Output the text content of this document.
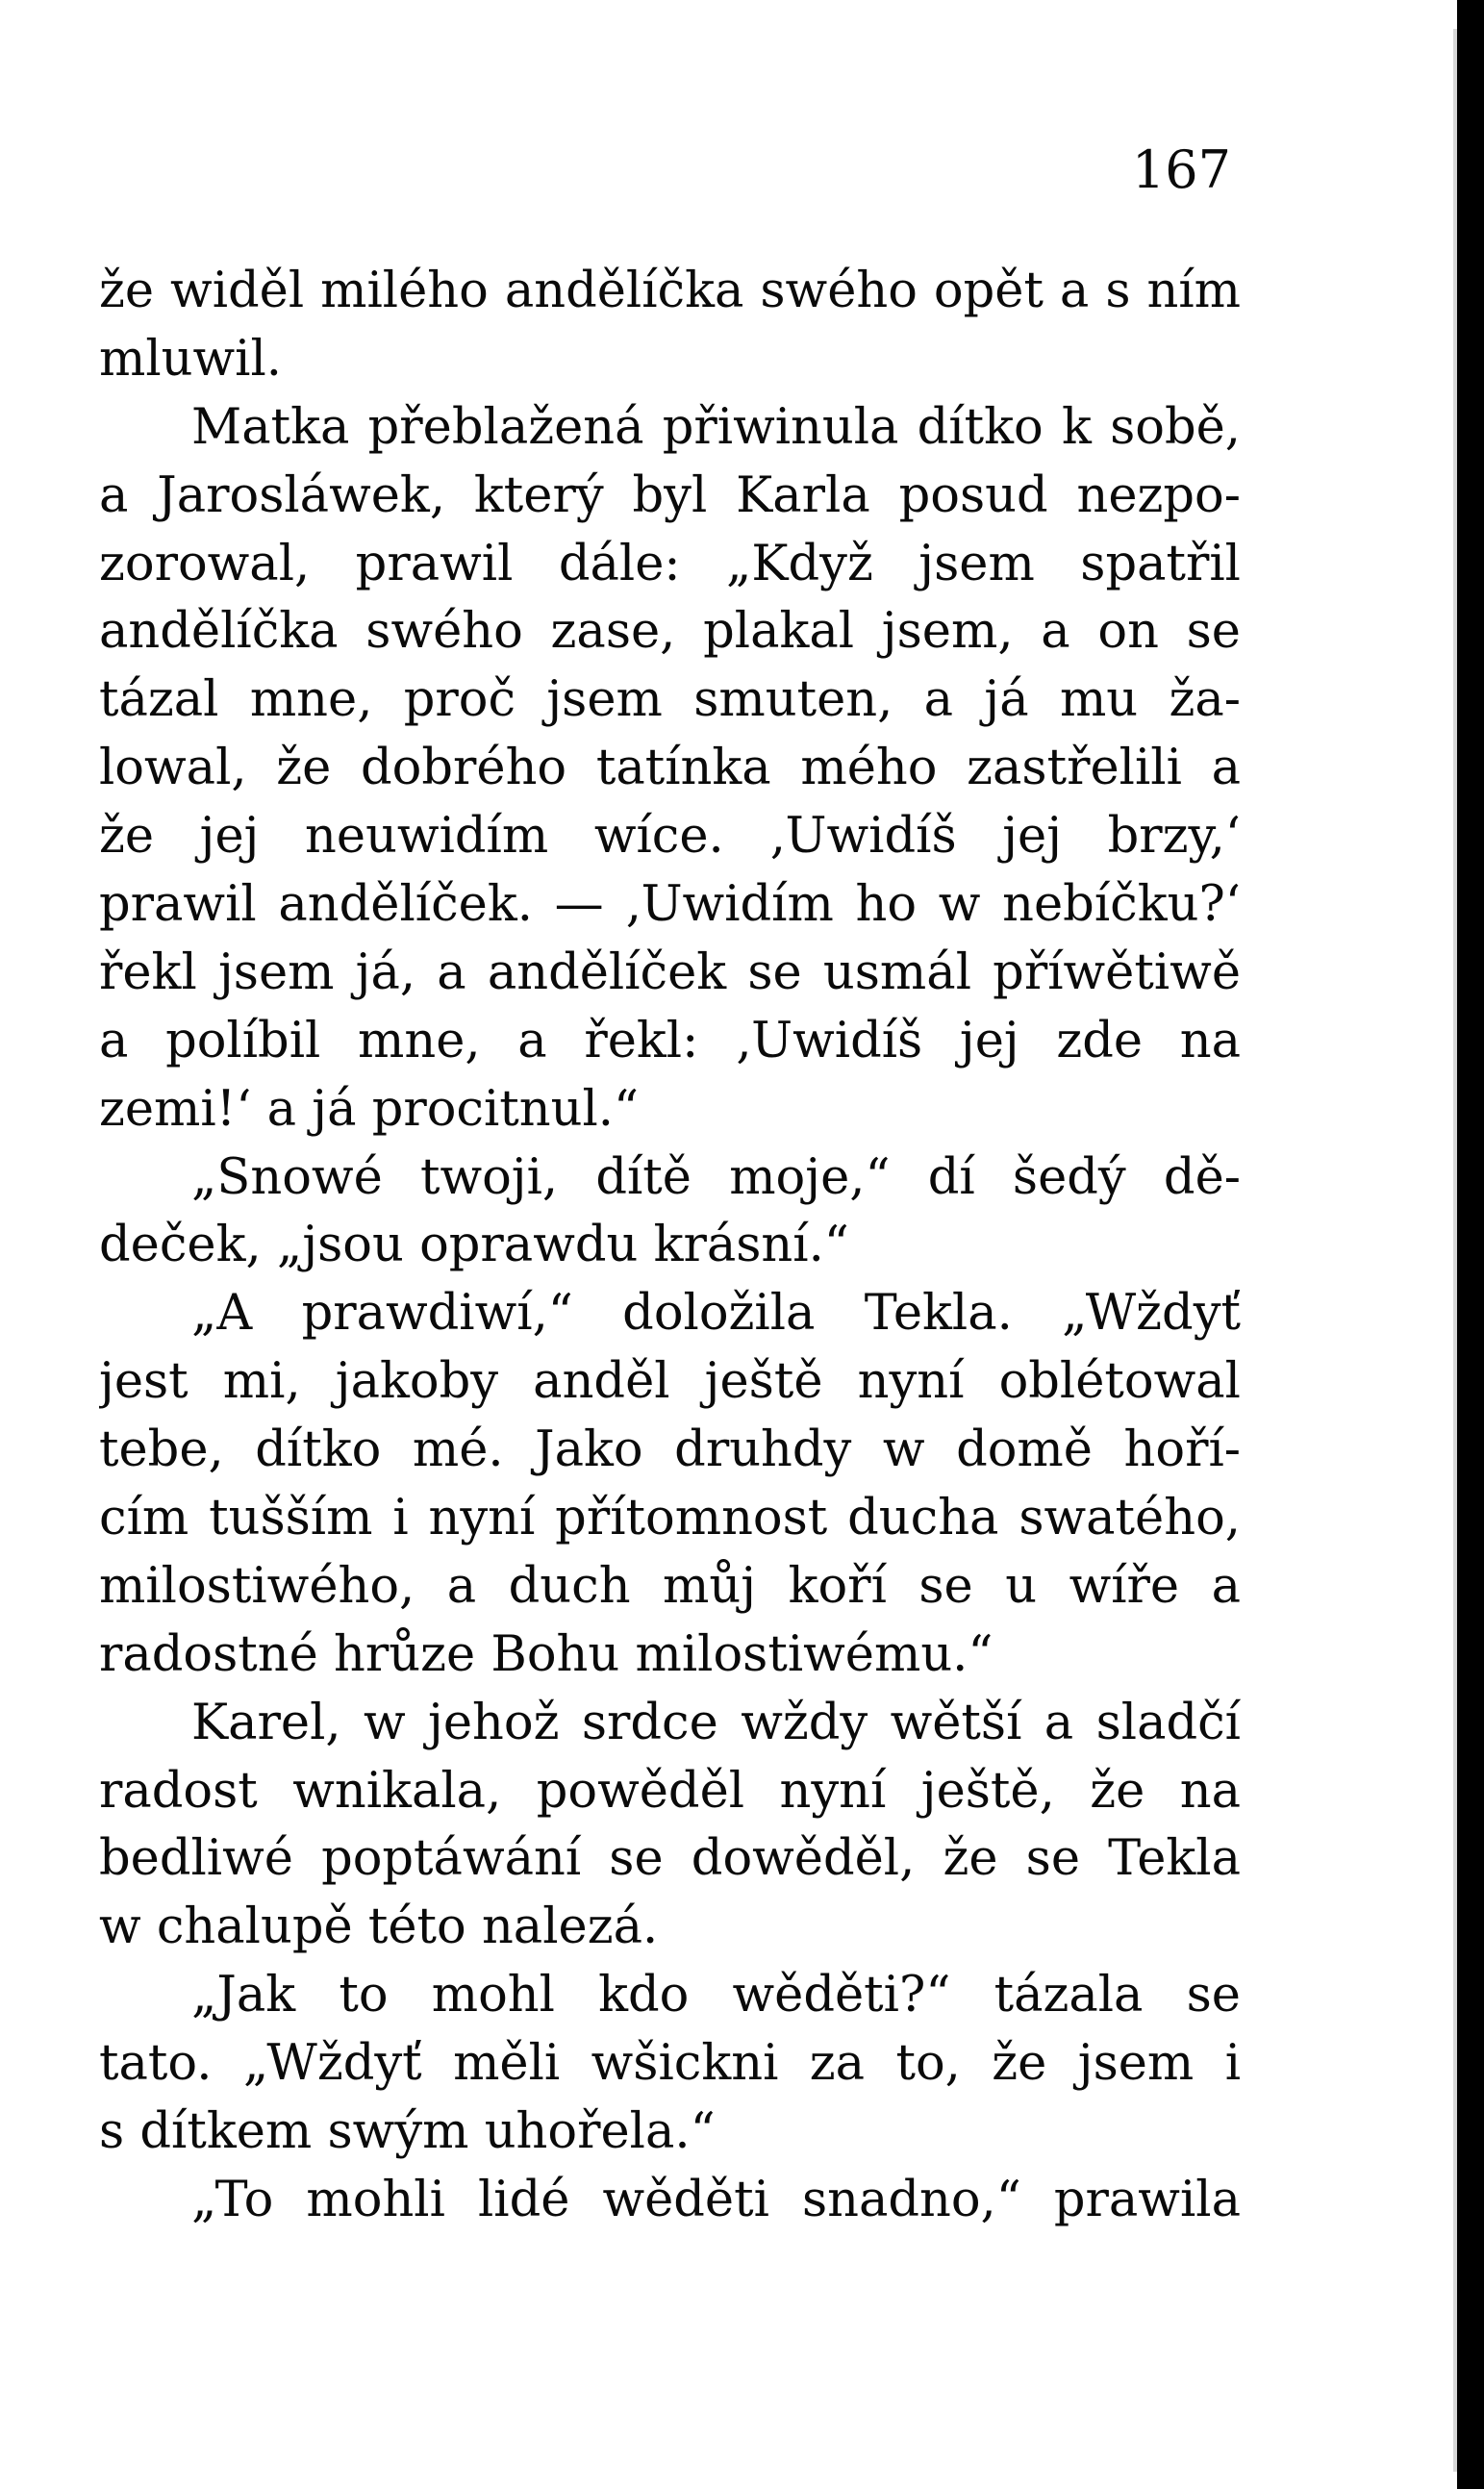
167
že widěl milého andělíčka swého opět a s ním
mluwil.
Matka přeblažená přiwinula dítko k sobě,
a Jarosláwek, který byl Karla posud nezpo-
zorowal, prawil dále: „Když jsem spatřil
andělíčka swého zase, plakal jsem, a on se
tázal mne, proč jsem smuten, a já mu ža-
lowal, že dobrého tatínka mého zastřelili a
že jej neuwidím wíce. ‚Uwidíš jej brzy,‘
prawil andělíček. — ‚Uwidím ho w nebíčku?‘
řekl jsem já, a andělíček se usmál příwětiwě
a políbil mne, a řekl: ‚Uwidíš jej zde na
zemi!‘ a já procitnul.“
„Snowé twoji, dítě moje,“ dí šedý dě-
deček, „jsou oprawdu krásní.“
„A prawdiwí,“ doložila Tekla. „Wždyť
jest mi, jakoby anděl ještě nyní oblétowal
tebe, dítko mé. Jako druhdy w domě hoří-
cím tušším i nyní přítomnost ducha swatého,
milostiwého, a duch můj koří se u wíře a
radostné hrůze Bohu milostiwému.“
Karel, w jehož srdce wždy wětší a sladčí
radost wnikala, powěděl nyní ještě, že na
bedliwé poptáwání se dowěděl, že se Tekla
w chalupě této nalezá.
„Jak to mohl kdo wěděti?“ tázala se
tato. „Wždyť měli wšickni za to, že jsem i
s dítkem swým uhořela.“
„To mohli lidé wěděti snadno,“ prawila
